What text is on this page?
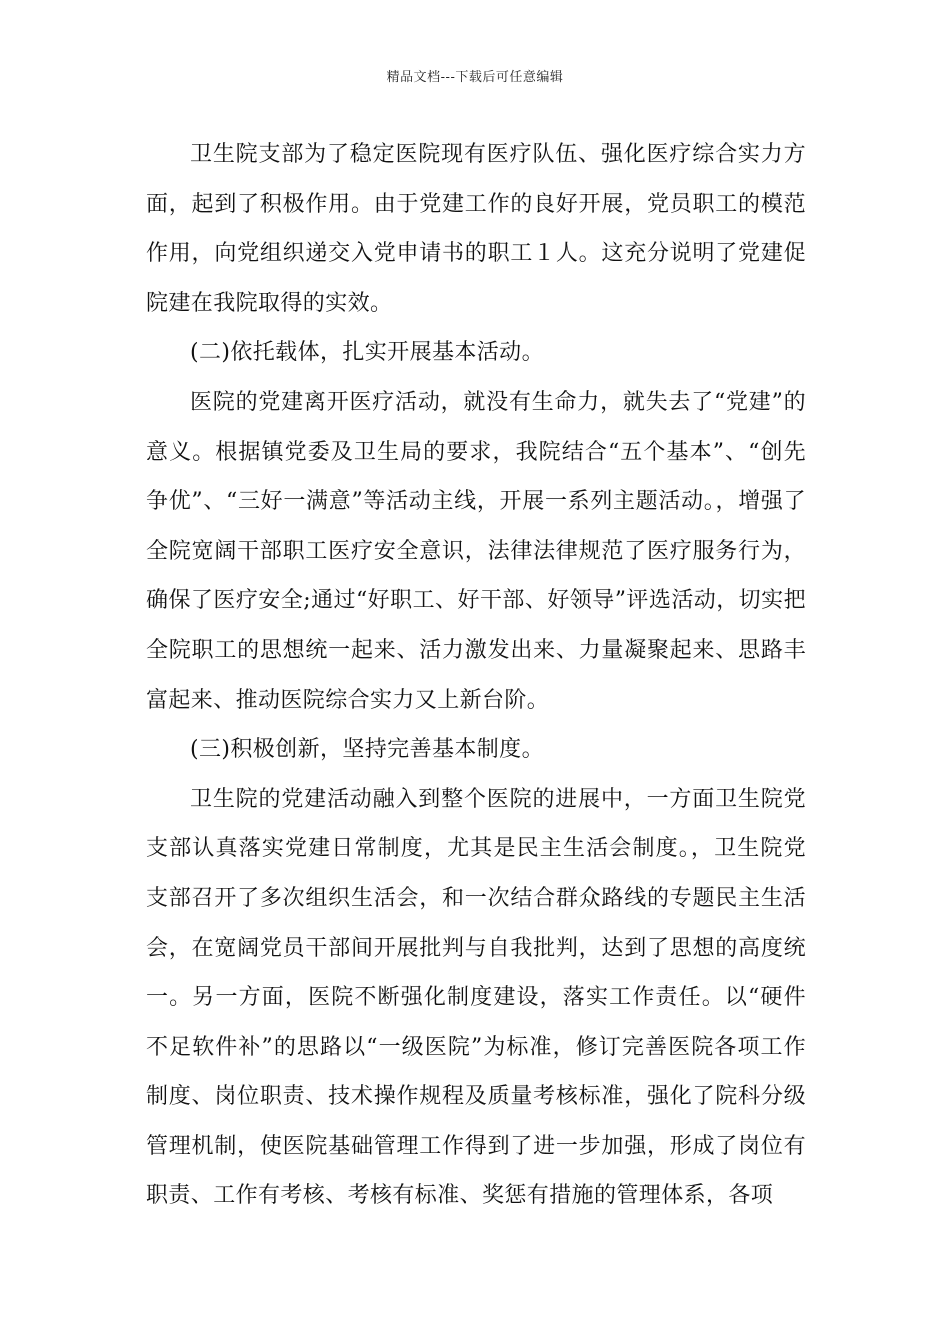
精品文档---下载后可任意编辑

卫生院支部为了稳定医院现有医疗队伍、强化医疗综合实力方面，起到了积极作用。由于党建工作的良好开展，党员职工的模范作用，向党组织递交入党申请书的职工１人。这充分说明了党建促院建在我院取得的实效。

(二)依托载体，扎实开展基本活动。

医院的党建离开医疗活动，就没有生命力，就失去了“党建”的意义。根据镇党委及卫生局的要求，我院结合“五个基本”、“创先争优”、“三好一满意”等活动主线，开展一系列主题活动。，增强了全院宽阔干部职工医疗安全意识，法律法律规范了医疗服务行为，确保了医疗安全;通过“好职工、好干部、好领导”评选活动，切实把全院职工的思想统一起来、活力激发出来、力量凝聚起来、思路丰富起来、推动医院综合实力又上新台阶。

(三)积极创新，坚持完善基本制度。

卫生院的党建活动融入到整个医院的进展中，一方面卫生院党支部认真落实党建日常制度，尤其是民主生活会制度。，卫生院党支部召开了多次组织生活会，和一次结合群众路线的专题民主生活会，在宽阔党员干部间开展批判与自我批判，达到了思想的高度统一。另一方面，医院不断强化制度建设，落实工作责任。以“硬件不足软件补”的思路以“一级医院”为标准，修订完善医院各项工作制度、岗位职责、技术操作规程及质量考核标准，强化了院科分级管理机制，使医院基础管理工作得到了进一步加强，形成了岗位有职责、工作有考核、考核有标准、奖惩有措施的管理体系，各项
